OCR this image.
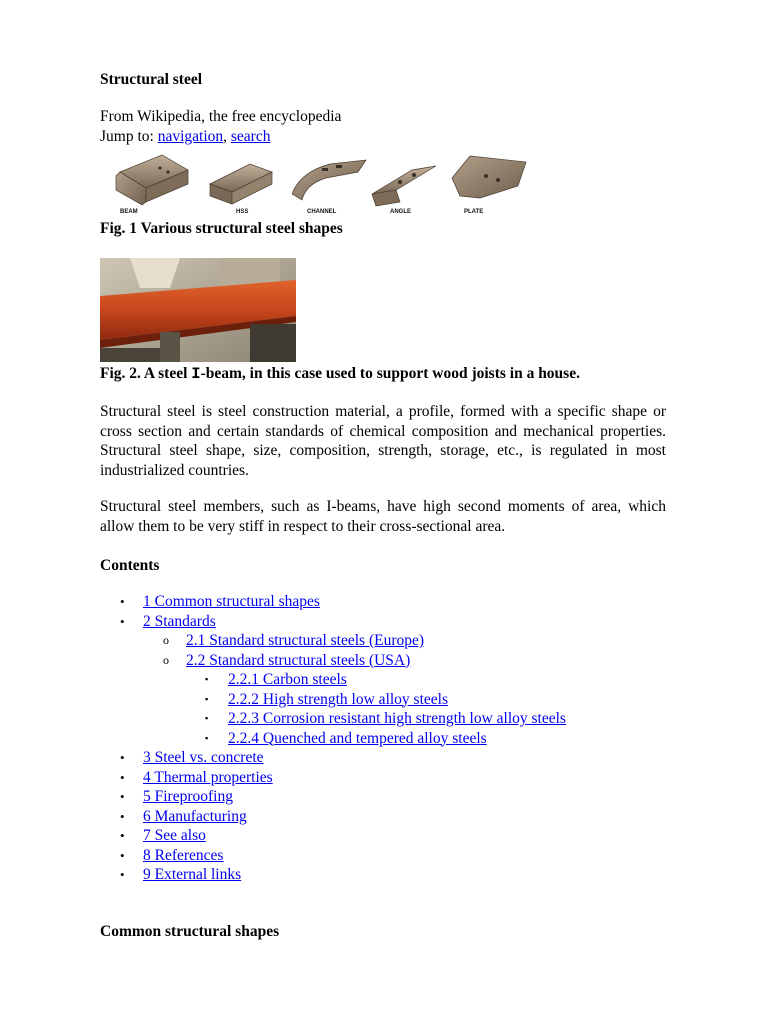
Structural steel
From Wikipedia, the free encyclopedia
Jump to: navigation, search
BEAM	HSS	CHANNEL	ANGLE	PLATE
Fig. 1 Various structural steel shapes
Fig. 2. A steel I-beam, in this case used to support wood joists in a house.
Structural steel is steel construction material, a profile, formed with a specific shape or cross section and certain standards of chemical composition and mechanical properties. Structural steel shape, size, composition, strength, storage, etc., is regulated in most industrialized countries.
Structural steel members, such as I-beams, have high second moments of area, which allow them to be very stiff in respect to their cross-sectional area.
Contents
• 1 Common structural shapes
• 2 Standards
o 2.1 Standard structural steels (Europe)
o 2.2 Standard structural steels (USA)
▪ 2.2.1 Carbon steels
▪ 2.2.2 High strength low alloy steels
▪ 2.2.3 Corrosion resistant high strength low alloy steels
▪ 2.2.4 Quenched and tempered alloy steels
• 3 Steel vs. concrete
• 4 Thermal properties
• 5 Fireproofing
• 6 Manufacturing
• 7 See also
• 8 References
• 9 External links
Common structural shapes
